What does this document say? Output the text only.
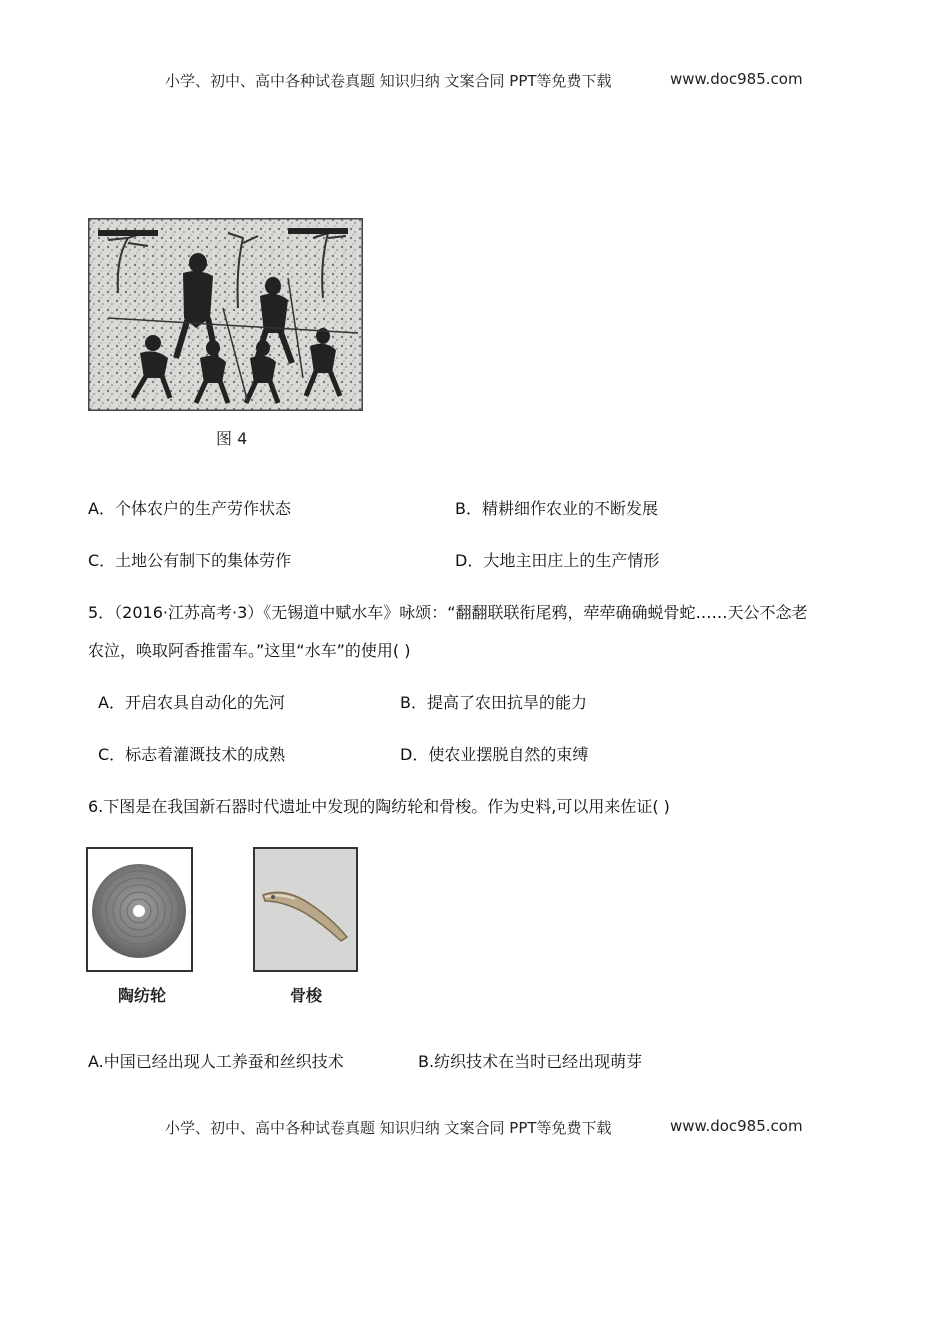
小学、初中、高中各种试卷真题 知识归纳 文案合同 PPT等免费下载	www.doc985.com
图 4
A．个体农户的生产劳作状态	B．精耕细作农业的不断发展
C．土地公有制下的集体劳作	D．大地主田庄上的生产情形
5．（2016·江苏高考·3）《无锡道中赋水车》咏颂：“翻翻联联衔尾鸦，荦荦确确蜕骨蛇……天公不念老
农泣，唤取阿香推雷车。”这里“水车”的使用( )
A．开启农具自动化的先河	B．提高了农田抗旱的能力
C．标志着灌溉技术的成熟	D．使农业摆脱自然的束缚
6.下图是在我国新石器时代遗址中发现的陶纺轮和骨梭。作为史料,可以用来佐证( )
陶纺轮	骨梭
A.中国已经出现人工养蚕和丝织技术	B.纺织技术在当时已经出现萌芽
小学、初中、高中各种试卷真题 知识归纳 文案合同 PPT等免费下载	www.doc985.com
